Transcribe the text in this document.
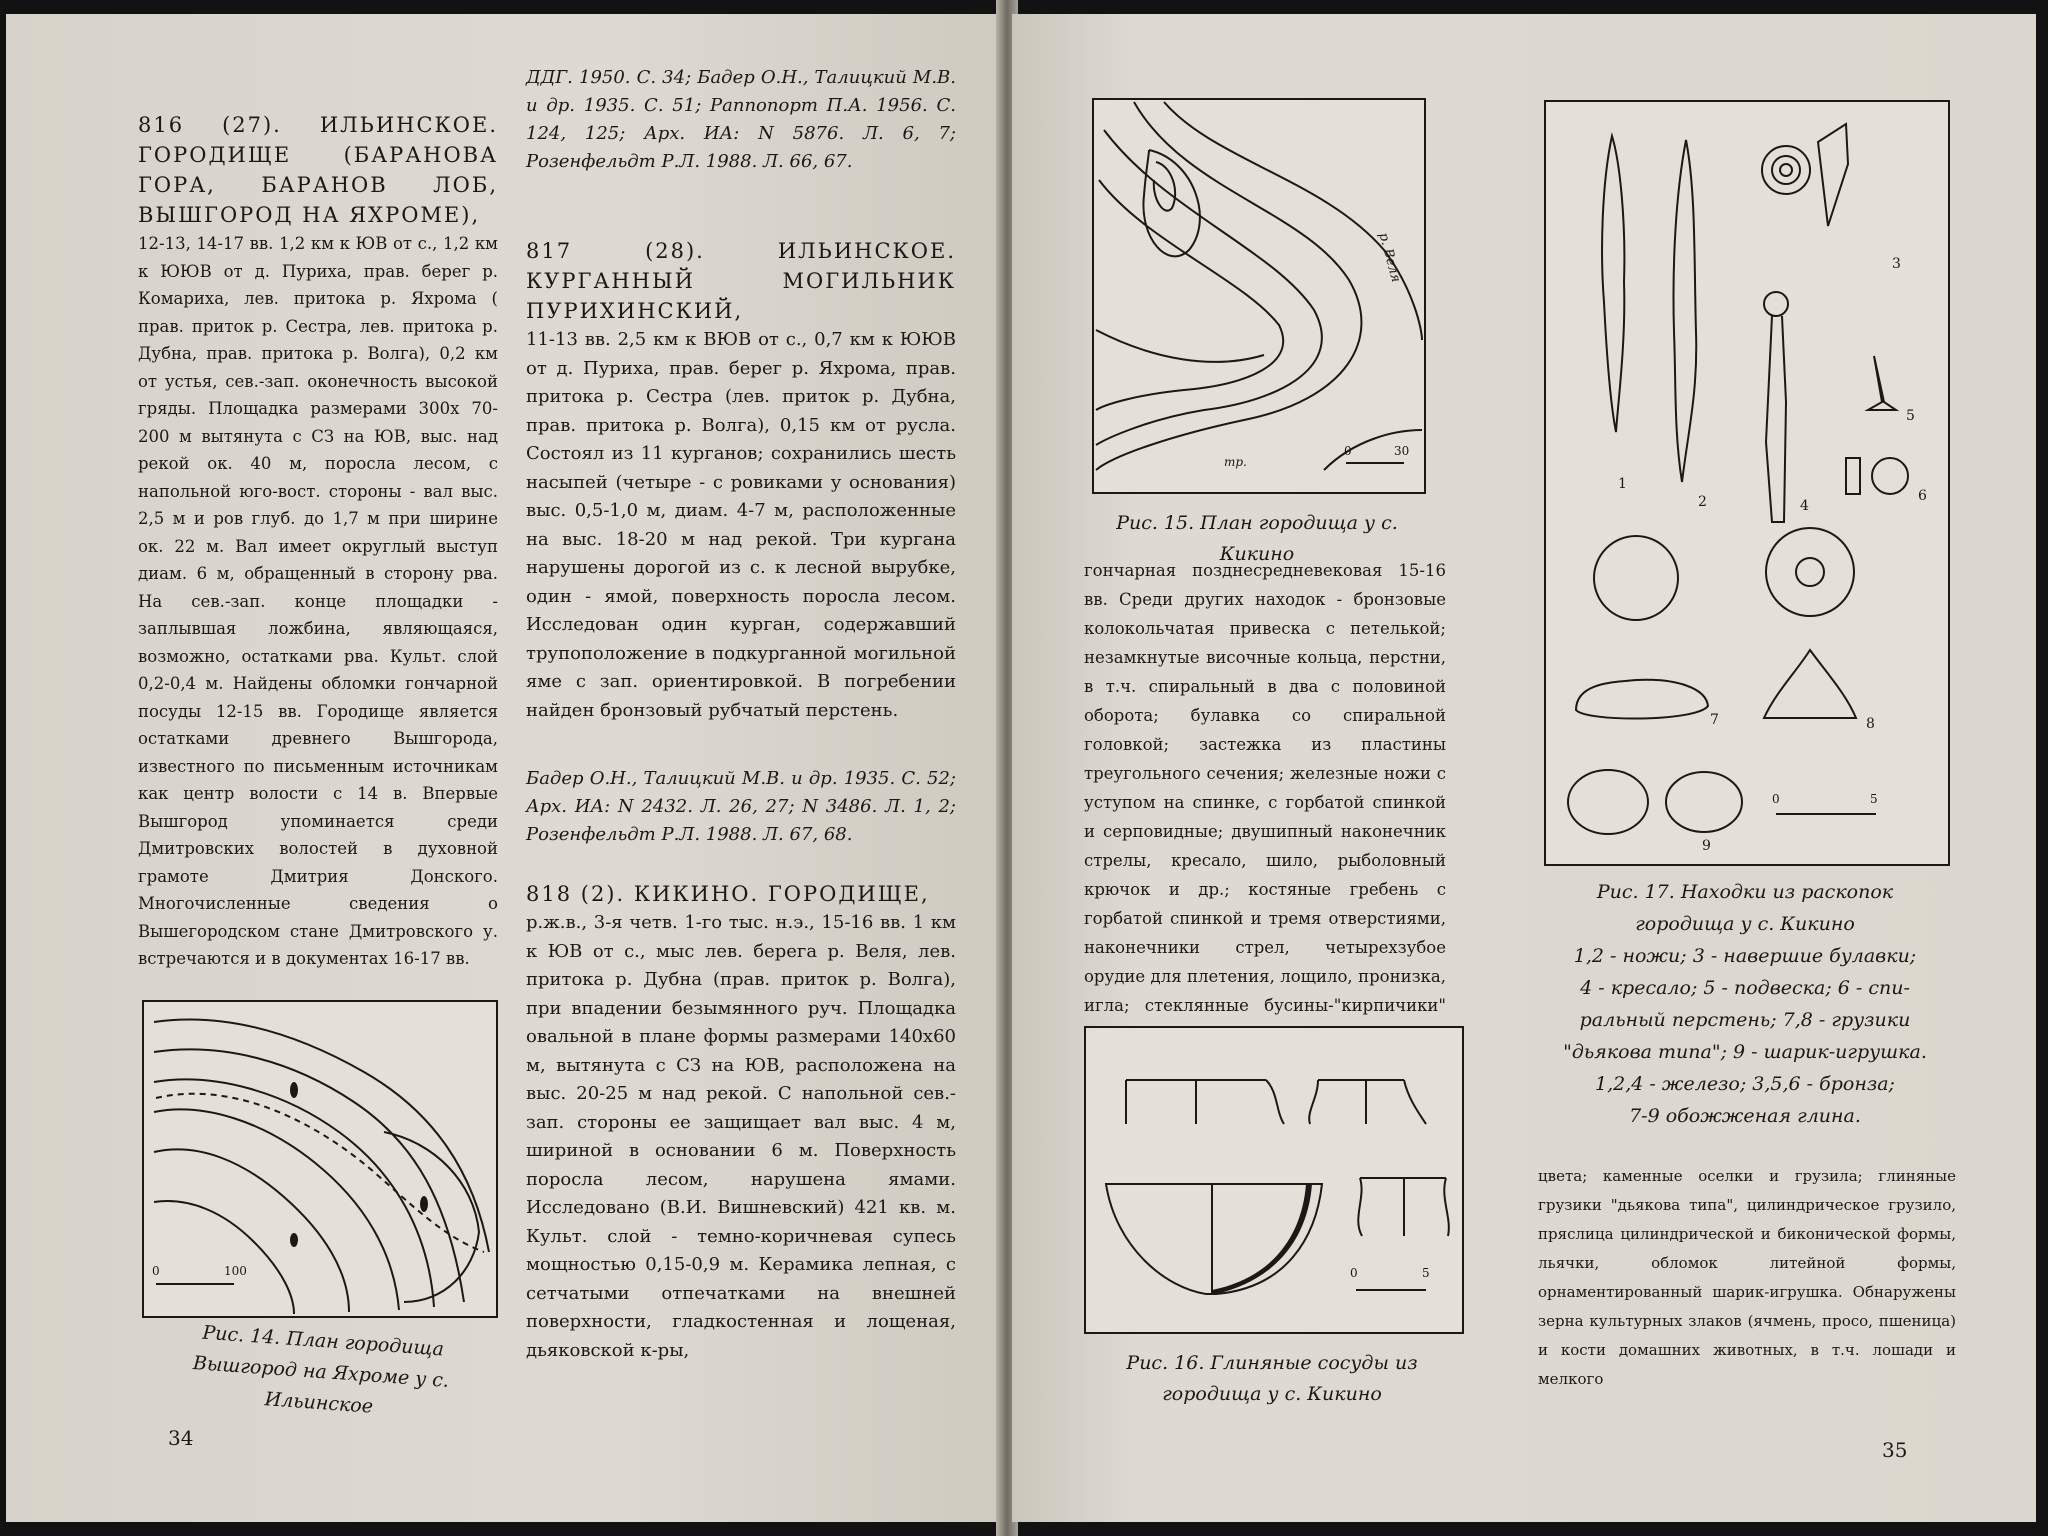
816 (27). ИЛЬИНСКОЕ. ГОРОДИЩЕ (БАРАНОВА ГОРА, БАРАНОВ ЛОБ, ВЫШГОРОД НА ЯХРОМЕ),

12-13, 14-17 вв. 1,2 км к ЮВ от с., 1,2 км к ЮЮВ от д. Пуриха, прав. берег р. Комариха, лев. притока р. Яхрома ( прав. приток р. Сестра, лев. притока р. Дубна, прав. притока р. Волга), 0,2 км от устья, сев.-зап. оконечность высокой гряды. Площадка размерами 300х 70-200 м вытянута с СЗ на ЮВ, выс. над рекой ок. 40 м, поросла лесом, с напольной юго-вост. стороны - вал выс. 2,5 м и ров глуб. до 1,7 м при ширине ок. 22 м. Вал имеет округлый выступ диам. 6 м, обращенный в сторону рва. На сев.-зап. конце площадки - заплывшая ложбина, являющаяся, возможно, остатками рва. Культ. слой 0,2-0,4 м. Найдены обломки гончарной посуды 12-15 вв. Городище является остатками древнего Вышгорода, известного по письменным источникам как центр волости с 14 в. Впервые Вышгород упоминается среди Дмитровских волостей в духовной грамоте Дмитрия Донского. Многочисленные сведения о Вышегородском стане Дмитровского у. встречаются и в документах 16-17 вв.

ДДГ. 1950. С. 34; Бадер О.Н., Талицкий М.В. и др. 1935. С. 51; Раппопорт П.А. 1956. С. 124, 125; Арх. ИА: N 5876. Л. 6, 7; Розенфельдт Р.Л. 1988. Л. 66, 67.

817 (28). ИЛЬИНСКОЕ. КУРГАННЫЙ МОГИЛЬНИК ПУРИХИНСКИЙ,

11-13 вв. 2,5 км к ВЮВ от с., 0,7 км к ЮЮВ от д. Пуриха, прав. берег р. Яхрома, прав. притока р. Сестра (лев. приток р. Дубна, прав. притока р. Волга), 0,15 км от русла. Состоял из 11 курганов; сохранились шесть насыпей (четыре - с ровиками у основания) выс. 0,5-1,0 м, диам. 4-7 м, расположенные на выс. 18-20 м над рекой. Три кургана нарушены дорогой из с. к лесной вырубке, один - ямой, поверхность поросла лесом. Исследован один курган, содержавший трупоположение в подкурганной могильной яме с зап. ориентировкой. В погребении найден бронзовый рубчатый перстень.

Бадер О.Н., Талицкий М.В. и др. 1935. С. 52; Арх. ИА: N 2432. Л. 26, 27; N 3486. Л. 1, 2; Розенфельдт Р.Л. 1988. Л. 67, 68.

818 (2). КИКИНО. ГОРОДИЩЕ,

р.ж.в., 3-я четв. 1-го тыс. н.э., 15-16 вв. 1 км к ЮВ от с., мыс лев. берега р. Веля, лев. притока р. Дубна (прав. приток р. Волга), при впадении безымянного руч. Площадка овальной в плане формы размерами 140х60 м, вытянута с СЗ на ЮВ, расположена на выс. 20-25 м над рекой. С напольной сев.-зап. стороны ее защищает вал выс. 4 м, шириной в основании 6 м. Поверхность поросла лесом, нарушена ямами. Исследовано (В.И. Вишневский) 421 кв. м. Культ. слой - темно-коричневая супесь мощностью 0,15-0,9 м. Керамика лепная, с сетчатыми отпечатками на внешней поверхности, гладкостенная и лощеная, дьяковской к-ры,

0	100
Рис. 14. План городища Вышгород на Яхроме у с. Ильинское
34
р. Веля
тр.
0	30
Рис. 15. План городища у с. Кикино

гончарная позднесредневековая 15-16 вв. Среди других находок - бронзовые колокольчатая привеска с петелькой; незамкнутые височные кольца, перстни, в т.ч. спиральный в два с половиной оборота; булавка со спиральной головкой; застежка из пластины треугольного сечения; железные ножи с уступом на спинке, с горбатой спинкой и серповидные; двушипный наконечник стрелы, кресало, шило, рыболовный крючок и др.; костяные гребень с горбатой спинкой и тремя отверстиями, наконечники стрел, четырехзубое орудие для плетения, лощило, пронизка, игла; стеклянные бусины-"кирпичики"

0	5
Рис. 16. Глиняные сосуды из городища у с. Кикино
1
2
3
4
5
6
7	8
9
0	5
Рис. 17. Находки из раскопок
городища у с. Кикино
1,2 - ножи; 3 - навершие булавки;
4 - кресало; 5 - подвеска; 6 - спи-
ральный перстень; 7,8 - грузики
"дьякова типа"; 9 - шарик-игрушка.
1,2,4 - железо; 3,5,6 - бронза;
7-9 обожженая глина.

цвета; каменные оселки и грузила; глиняные грузики "дьякова типа", цилиндрическое грузило, пряслица цилиндрической и биконической формы, льячки, обломок литейной формы, орнаментированный шарик-игрушка. Обнаружены зерна культурных злаков (ячмень, просо, пшеница) и кости домашних животных, в т.ч. лошади и мелкого

35
